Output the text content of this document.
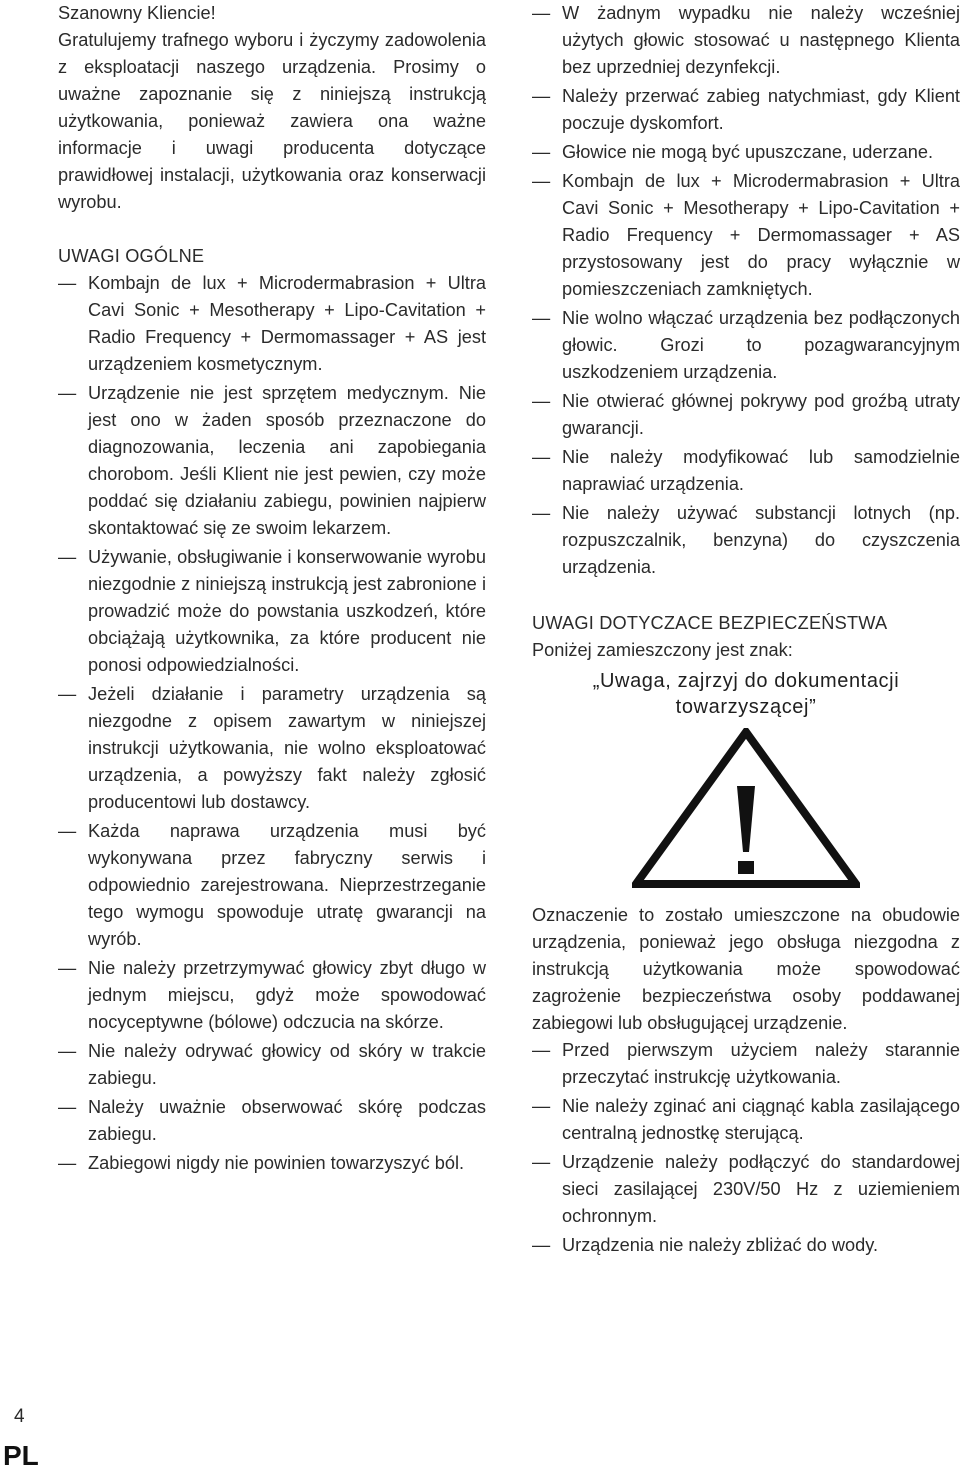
Szanowny Kliencie!

Gratulujemy trafnego wyboru i życzymy zadowolenia z eksploatacji naszego urządzenia. Prosimy o uważne zapoznanie się z niniejszą instrukcją użytkowania, ponieważ zawiera ona ważne informacje i uwagi producenta dotyczące prawidłowej instalacji, użytkowania oraz konserwacji wyrobu.

UWAGI OGÓLNE
— Kombajn de lux + Microdermabrasion + Ultra Cavi Sonic + Mesotherapy + Lipo-Cavitation + Radio Frequency + Dermomassager + AS jest urządzeniem kosmetycznym.
— Urządzenie nie jest sprzętem medycznym. Nie jest ono w żaden sposób przeznaczone do diagnozowania, leczenia ani zapobiegania chorobom. Jeśli Klient nie jest pewien, czy może poddać się działaniu zabiegu, powinien najpierw skontaktować się ze swoim lekarzem.
— Używanie, obsługiwanie i konserwowanie wyrobu niezgodnie z niniejszą instrukcją jest zabronione i prowadzić może do powstania uszkodzeń, które obciążają użytkownika, za które producent nie ponosi odpowiedzialności.
— Jeżeli działanie i parametry urządzenia są niezgodne z opisem zawartym w niniejszej instrukcji użytkowania, nie wolno eksploatować urządzenia, a powyższy fakt należy zgłosić producentowi lub dostawcy.
— Każda naprawa urządzenia musi być wykonywana przez fabryczny serwis i odpowiednio zarejestrowana. Nieprzestrzeganie tego wymogu spowoduje utratę gwarancji na wyrób.
— Nie należy przetrzymywać głowicy zbyt długo w jednym miejscu, gdyż może spowodować nocyceptywne (bólowe) odczucia na skórze.
— Nie należy odrywać głowicy od skóry w trakcie zabiegu.
— Należy uważnie obserwować skórę podczas zabiegu.
— Zabiegowi nigdy nie powinien towarzyszyć ból.
— W żadnym wypadku nie należy wcześniej użytych głowic stosować u następnego Klienta bez uprzedniej dezynfekcji.
— Należy przerwać zabieg natychmiast, gdy Klient poczuje dyskomfort.
— Głowice nie mogą być upuszczane, uderzane.
— Kombajn de lux + Microdermabrasion + Ultra Cavi Sonic + Mesotherapy + Lipo-Cavitation + Radio Frequency + Dermomassager + AS przystosowany jest do pracy wyłącznie w pomieszczeniach zamkniętych.
— Nie wolno włączać urządzenia bez podłączonych głowic. Grozi to pozagwarancyjnym uszkodzeniem urządzenia.
— Nie otwierać głównej pokrywy pod groźbą utraty gwarancji.
— Nie należy modyfikować lub samodzielnie naprawiać urządzenia.
— Nie należy używać substancji lotnych (np. rozpuszczalnik, benzyna) do czyszczenia urządzenia.
UWAGI DOTYCZACE BEZPIECZEŃSTWA

Poniżej zamieszczony jest znak:

„Uwaga, zajrzyj do dokumentacji
towarzyszącej”

Oznaczenie to zostało umieszczone na obudowie urządzenia, ponieważ jego obsługa niezgodna z instrukcją użytkowania może spowodować zagrożenie bezpieczeństwa osoby poddawanej zabiegowi lub obsługującej urządzenie.

— Przed pierwszym użyciem należy starannie przeczytać instrukcję użytkowania.
— Nie należy zginać ani ciągnąć kabla zasilającego centralną jednostkę sterującą.
— Urządzenie należy podłączyć do standardowej sieci zasilającej 230V/50 Hz z uziemieniem ochronnym.
— Urządzenia nie należy zbliżać do wody.
4
PL
